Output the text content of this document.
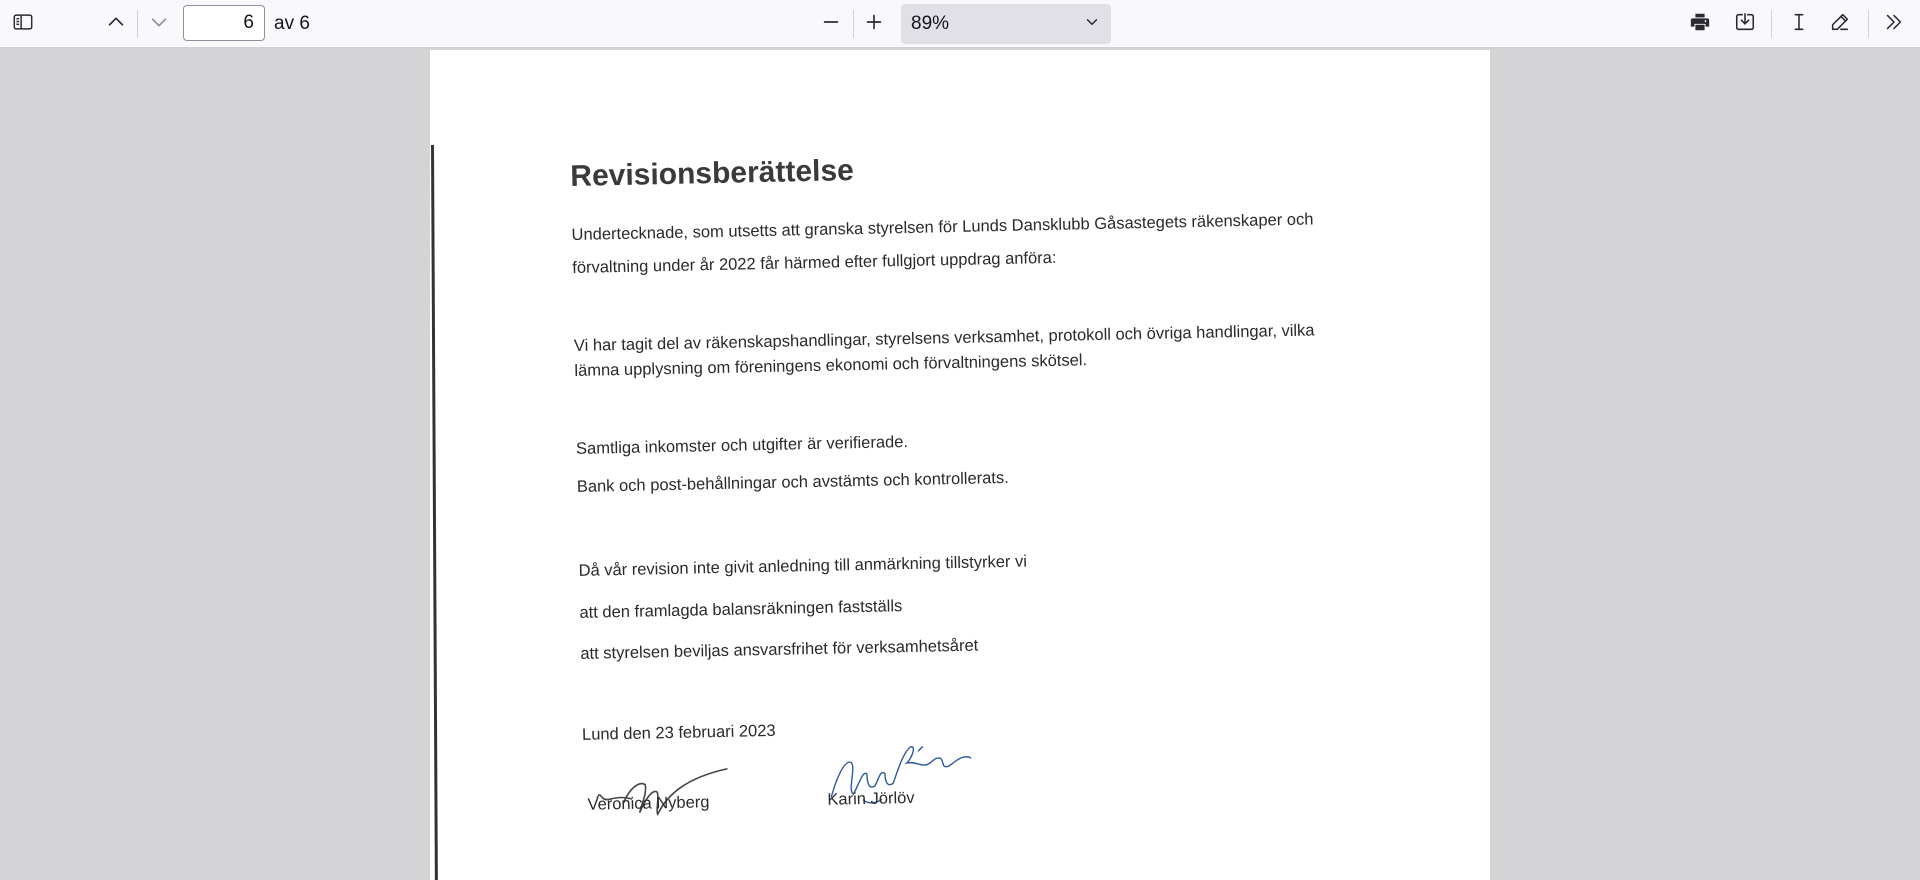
6
av 6	89%
Revisionsberättelse
Undertecknade, som utsetts att granska styrelsen för Lunds Dansklubb Gåsastegets räkenskaper och
förvaltning under år 2022 får härmed efter fullgjort uppdrag anföra:
Vi har tagit del av räkenskapshandlingar, styrelsens verksamhet, protokoll och övriga handlingar, vilka
lämna upplysning om föreningens ekonomi och förvaltningens skötsel.
Samtliga inkomster och utgifter är verifierade.
Bank och post-behållningar och avstämts och kontrollerats.
Då vår revision inte givit anledning till anmärkning tillstyrker vi
att den framlagda balansräkningen fastställs
att styrelsen beviljas ansvarsfrihet för verksamhetsåret
Lund den 23 februari 2023
Veronica Nyberg	Karin Jörlöv
